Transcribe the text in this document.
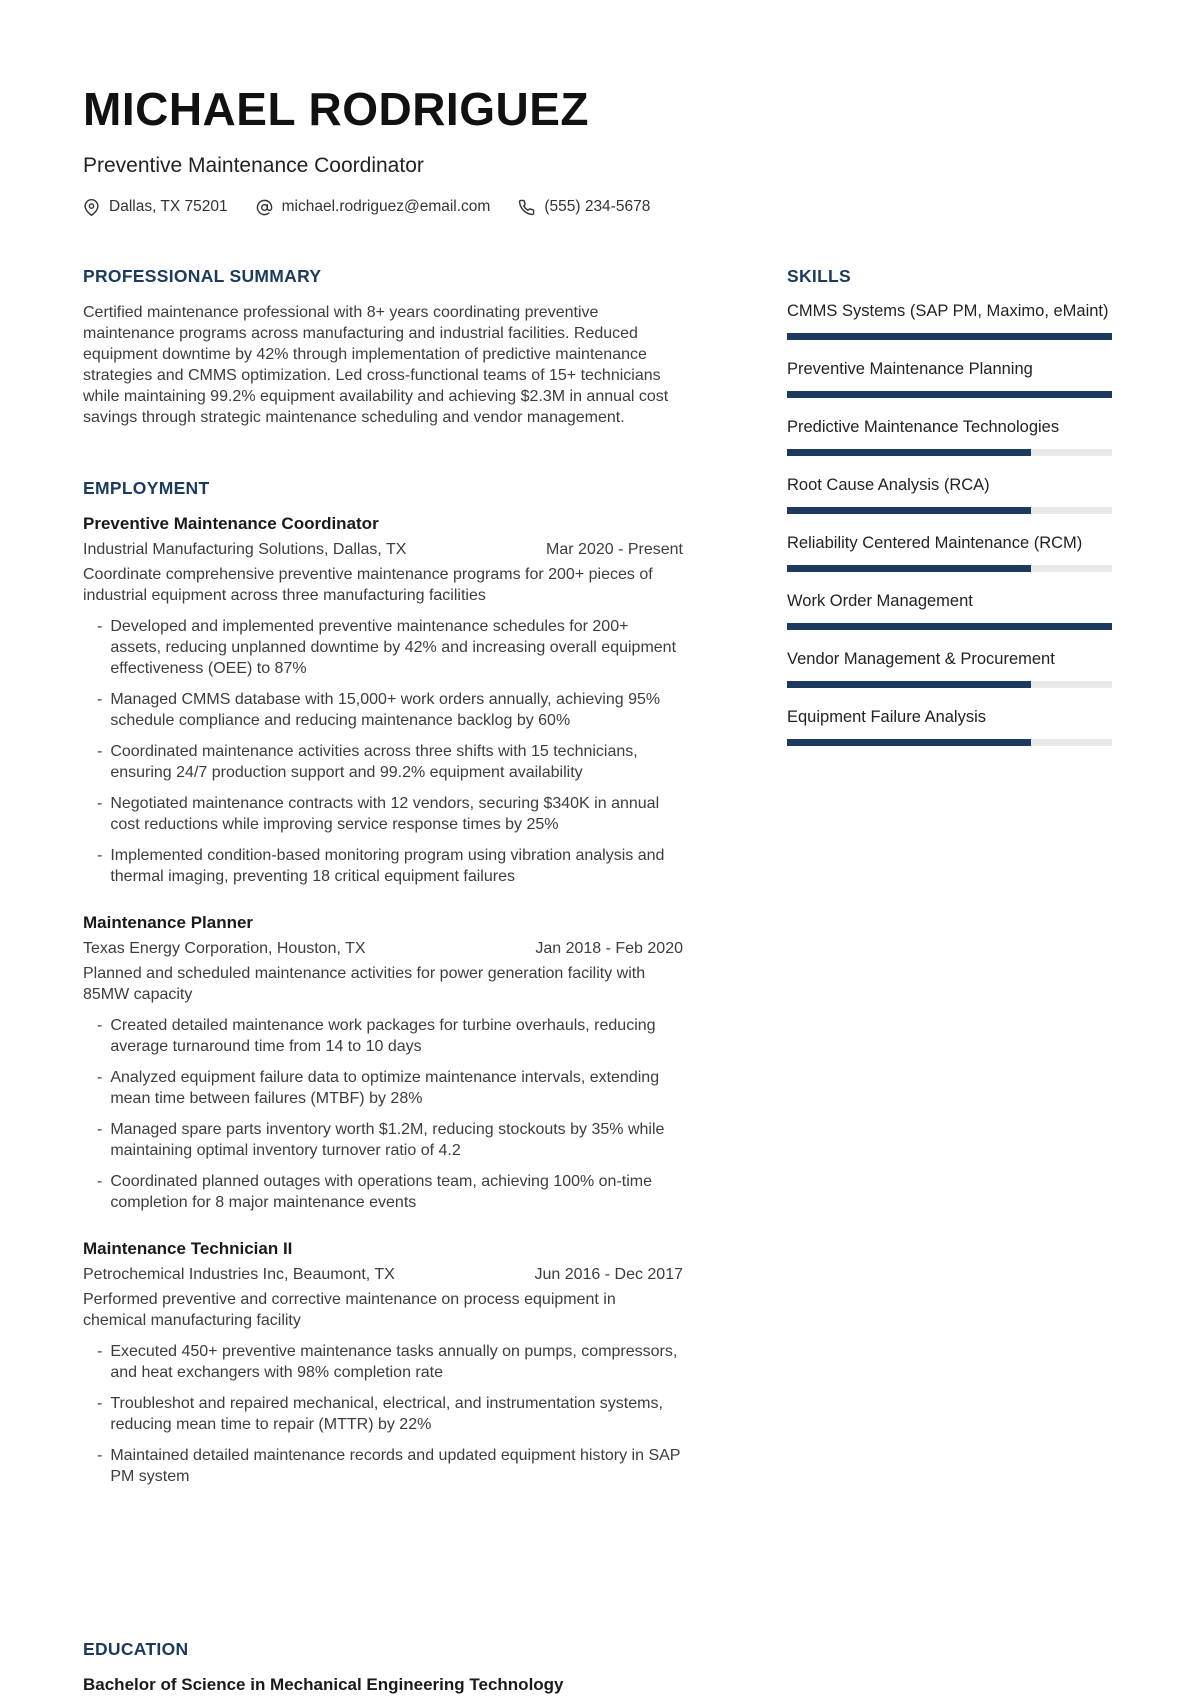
MICHAEL RODRIGUEZ
Preventive Maintenance Coordinator
Dallas, TX 75201	michael.rodriguez@email.com	(555) 234-5678
PROFESSIONAL SUMMARY

Certified maintenance professional with 8+ years coordinating preventive maintenance programs across manufacturing and industrial facilities. Reduced equipment downtime by 42% through implementation of predictive maintenance strategies and CMMS optimization. Led cross-functional teams of 15+ technicians while maintaining 99.2% equipment availability and achieving $2.3M in annual cost savings through strategic maintenance scheduling and vendor management.

EMPLOYMENT
Preventive Maintenance Coordinator
Industrial Manufacturing Solutions, Dallas, TX	Mar 2020 - Present

Coordinate comprehensive preventive maintenance programs for 200+ pieces of industrial equipment across three manufacturing facilities

- Developed and implemented preventive maintenance schedules for 200+ assets, reducing unplanned downtime by 42% and increasing overall equipment effectiveness (OEE) to 87%
- Managed CMMS database with 15,000+ work orders annually, achieving 95% schedule compliance and reducing maintenance backlog by 60%
- Coordinated maintenance activities across three shifts with 15 technicians, ensuring 24/7 production support and 99.2% equipment availability
- Negotiated maintenance contracts with 12 vendors, securing $340K in annual cost reductions while improving service response times by 25%
- Implemented condition-based monitoring program using vibration analysis and thermal imaging, preventing 18 critical equipment failures
Maintenance Planner
Texas Energy Corporation, Houston, TX	Jan 2018 - Feb 2020

Planned and scheduled maintenance activities for power generation facility with 85MW capacity

- Created detailed maintenance work packages for turbine overhauls, reducing average turnaround time from 14 to 10 days
- Analyzed equipment failure data to optimize maintenance intervals, extending mean time between failures (MTBF) by 28%
- Managed spare parts inventory worth $1.2M, reducing stockouts by 35% while maintaining optimal inventory turnover ratio of 4.2
- Coordinated planned outages with operations team, achieving 100% on-time completion for 8 major maintenance events
Maintenance Technician II
Petrochemical Industries Inc, Beaumont, TX	Jun 2016 - Dec 2017

Performed preventive and corrective maintenance on process equipment in chemical manufacturing facility

- Executed 450+ preventive maintenance tasks annually on pumps, compressors, and heat exchangers with 98% completion rate
- Troubleshot and repaired mechanical, electrical, and instrumentation systems, reducing mean time to repair (MTTR) by 22%
- Maintained detailed maintenance records and updated equipment history in SAP PM system
EDUCATION
Bachelor of Science in Mechanical Engineering Technology
SKILLS
CMMS Systems (SAP PM, Maximo, eMaint)
Preventive Maintenance Planning
Predictive Maintenance Technologies
Root Cause Analysis (RCA)
Reliability Centered Maintenance (RCM)
Work Order Management
Vendor Management & Procurement
Equipment Failure Analysis
